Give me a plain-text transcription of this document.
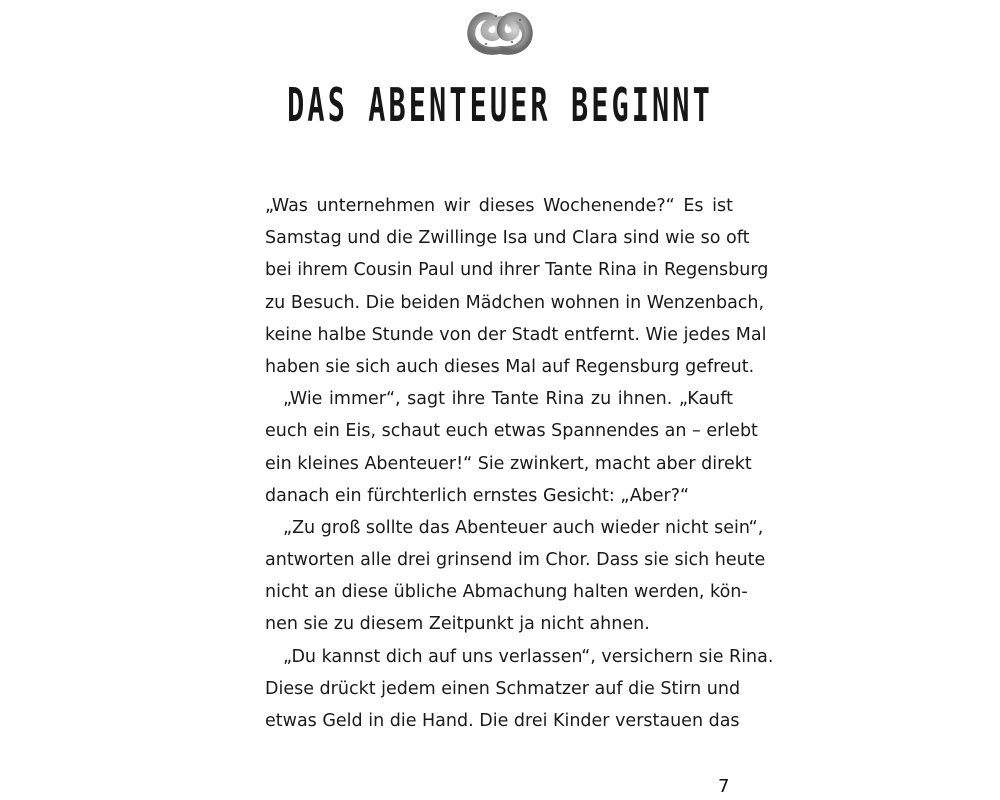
DAS ABENTEUER BEGINNT
„Was unternehmen wir dieses Wochenende?“ Es ist
Samstag und die Zwillinge Isa und Clara sind wie so oft
bei ihrem Cousin Paul und ihrer Tante Rina in Regensburg
zu Besuch. Die beiden Mädchen wohnen in Wenzenbach,
keine halbe Stunde von der Stadt entfernt. Wie jedes Mal
haben sie sich auch dieses Mal auf Regensburg gefreut.
„Wie immer“, sagt ihre Tante Rina zu ihnen. „Kauft
euch ein Eis, schaut euch etwas Spannendes an – erlebt
ein kleines Abenteuer!“ Sie zwinkert, macht aber direkt
danach ein fürchterlich ernstes Gesicht: „Aber?“
„Zu groß sollte das Abenteuer auch wieder nicht sein“,
antworten alle drei grinsend im Chor. Dass sie sich heute
nicht an diese übliche Abmachung halten werden, kön-
nen sie zu diesem Zeitpunkt ja nicht ahnen.
„Du kannst dich auf uns verlassen“, versichern sie Rina.
Diese drückt jedem einen Schmatzer auf die Stirn und
etwas Geld in die Hand. Die drei Kinder verstauen das
7
